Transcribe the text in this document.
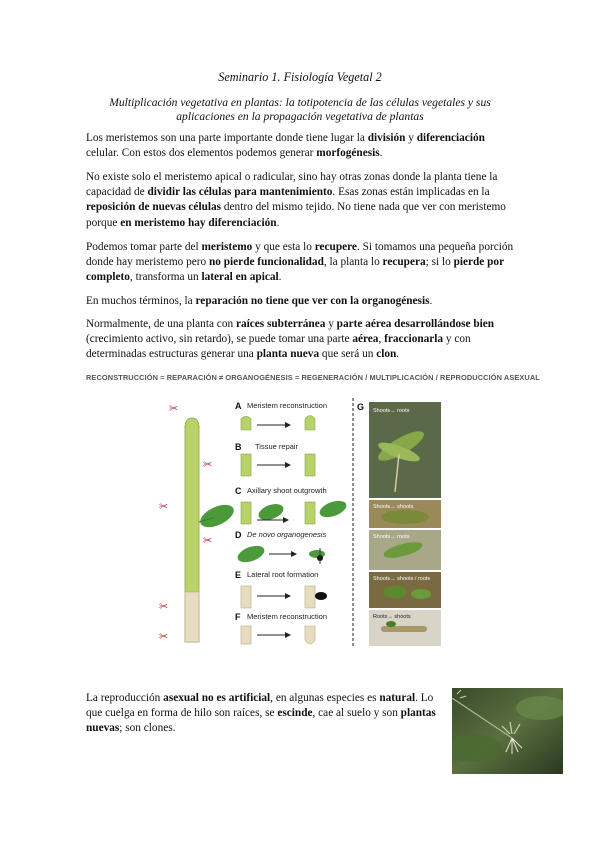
Seminario 1. Fisiología Vegetal 2
Multiplicación vegetativa en plantas: la totipotencia de las células vegetales y sus aplicaciones en la propagación vegetativa de plantas
Los meristemos son una parte importante donde tiene lugar la división y diferenciación celular. Con estos dos elementos podemos generar morfogénesis.
No existe solo el meristemo apical o radicular, sino hay otras zonas donde la planta tiene la capacidad de dividir las células para mantenimiento. Esas zonas están implicadas en la reposición de nuevas células dentro del mismo tejido. No tiene nada que ver con meristemo porque en meristemo hay diferenciación.
Podemos tomar parte del meristemo y que esta lo recupere. Si tomamos una pequeña porción donde hay meristemo pero no pierde funcionalidad, la planta lo recupera; si lo pierde por completo, transforma un lateral en apical.
En muchos términos, la reparación no tiene que ver con la organogénesis.
Normalmente, de una planta con raíces subterránea y parte aérea desarrollándose bien (crecimiento activo, sin retardo), se puede tomar una parte aérea, fraccionarla y con determinadas estructuras generar una planta nueva que será un clon.
RECONSTRUCCIÓN = REPARACIÓN ≠ ORGANOGÉNESIS = REGENERACIÓN / MULTIPLICACIÓN / REPRODUCCIÓN ASEXUAL
✂
✂
✂
✂
✂
✂
A Meristem reconstruction
B Tissue repair
C Axillary shoot outgrowth
D De novo organogenesis
E Lateral root formation
F Meristem reconstruction
G Shoots→ roots
Shoots→ shoots
Shoots→ roots
Shoots→ shoots / roots
Roots→ shoots
La reproducción asexual no es artificial, en algunas especies es natural. Lo que cuelga en forma de hilo son raíces, se escinde, cae al suelo y son plantas nuevas; son clones.
